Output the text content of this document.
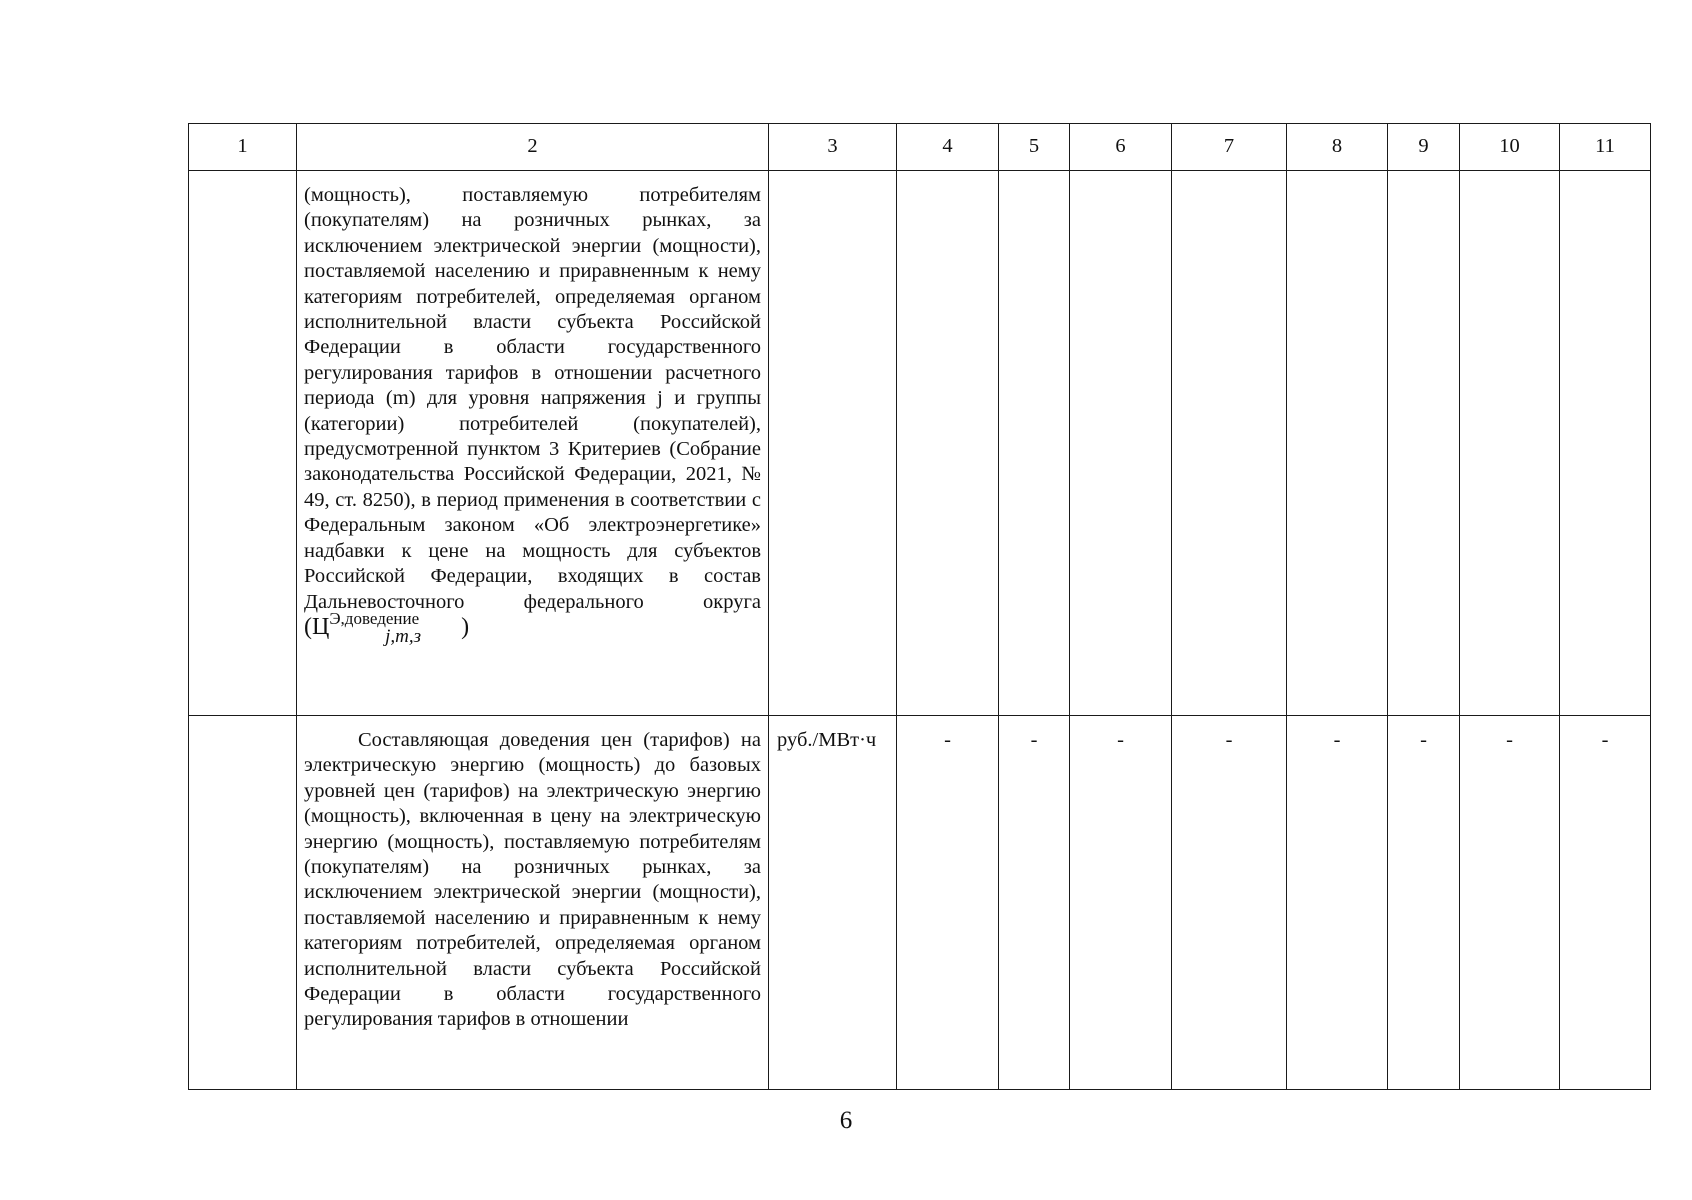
1	2	3	4	5	6	7	8	9	10	11

	(мощность), поставляемую потребителям (покупателям) на розничных рынках, за исключением электрической энергии (мощности), поставляемой населению и приравненным к нему категориям потребителей, определяемая органом исполнительной власти субъекта Российской Федерации в области государственного регулирования тарифов в отношении расчетного периода (m) для уровня напряжения j и группы (категории) потребителей (покупателей), предусмотренной пунктом 3 Критериев (Собрание законодательства Российской Федерации, 2021, № 49, ст. 8250), в период применения в соответствии с Федеральным законом «Об электроэнергетике» надбавки к цене на мощность для субъектов Российской Федерации, входящих в состав Дальневосточного федерального округа ($Ц^{Э,доведение}_{j,m,з}$ )									

	Составляющая доведения цен (тарифов) на электрическую энергию (мощность) до базовых уровней цен (тарифов) на электрическую энергию (мощность), включенная в цену на электрическую энергию (мощность), поставляемую потребителям (покупателям) на розничных рынках, за исключением электрической энергии (мощности), поставляемой населению и приравненным к нему категориям потребителей, определяемая органом исполнительной власти субъекта Российской Федерации в области государственного регулирования тарифов в отношении	руб./МВт·ч	-	-	-	-	-	-	-	-
6
